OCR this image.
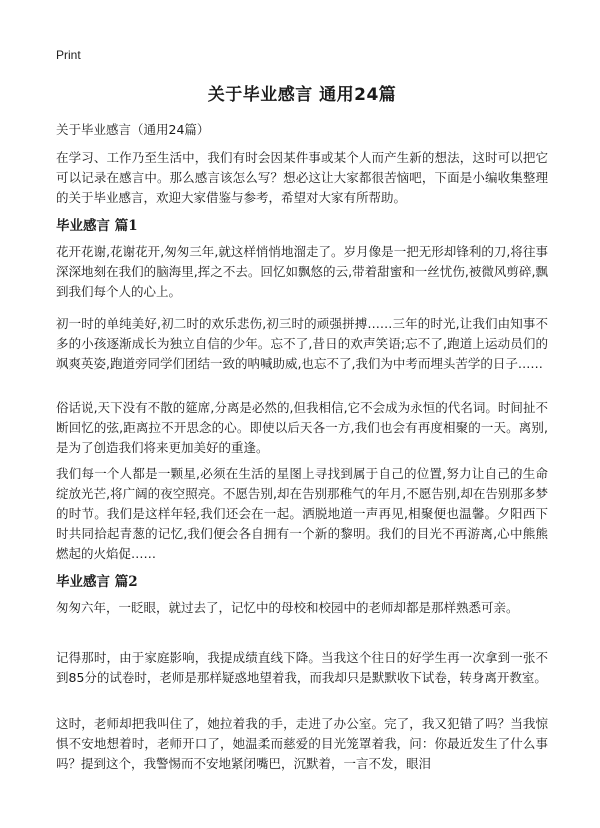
Print
关于毕业感言 通用24篇
关于毕业感言（通用24篇）
在学习、工作乃至生活中，我们有时会因某件事或某个人而产生新的想法，这时可以把它可以记录在感言中。那么感言该怎么写？想必这让大家都很苦恼吧，下面是小编收集整理的关于毕业感言，欢迎大家借鉴与参考，希望对大家有所帮助。
毕业感言 篇1
花开花谢,花谢花开,匆匆三年,就这样悄悄地溜走了。岁月像是一把无形却锋利的刀,将往事深深地刻在我们的脑海里,挥之不去。回忆如飘悠的云,带着甜蜜和一丝忧伤,被微风剪碎,飘到我们每个人的心上。
初一时的单纯美好,初二时的欢乐悲伤,初三时的顽强拼搏……三年的时光,让我们由知事不多的小孩逐渐成长为独立自信的少年。忘不了,昔日的欢声笑语;忘不了,跑道上运动员们的飒爽英姿,跑道旁同学们团结一致的呐喊助威,也忘不了,我们为中考而埋头苦学的日子……
俗话说,天下没有不散的筵席,分离是必然的,但我相信,它不会成为永恒的代名词。时间扯不断回忆的弦,距离拉不开思念的心。即使以后天各一方,我们也会有再度相聚的一天。离别,是为了创造我们将来更加美好的重逢。
我们每一个人都是一颗星,必须在生活的星图上寻找到属于自己的位置,努力让自己的生命绽放光芒,将广阔的夜空照亮。不愿告别,却在告别那稚气的年月,不愿告别,却在告别那多梦的时节。我们是这样年轻,我们还会在一起。洒脱地道一声再见,相聚便也温馨。夕阳西下时共同拾起青葱的记忆,我们便会各自拥有一个新的黎明。我们的目光不再游离,心中熊熊燃起的火焰促……
毕业感言 篇2
匆匆六年，一眨眼，就过去了，记忆中的母校和校园中的老师却都是那样熟悉可亲。
记得那时，由于家庭影响，我提成绩直线下降。当我这个往日的好学生再一次拿到一张不到85分的试卷时，老师是那样疑惑地望着我，而我却只是默默收下试卷，转身离开教室。
这时，老师却把我叫住了，她拉着我的手，走进了办公室。完了，我又犯错了吗？当我惊惧不安地想着时，老师开口了，她温柔而慈爱的目光笼罩着我，问：你最近发生了什么事吗？提到这个，我警惕而不安地紧闭嘴巴，沉默着，一言不发，眼泪
